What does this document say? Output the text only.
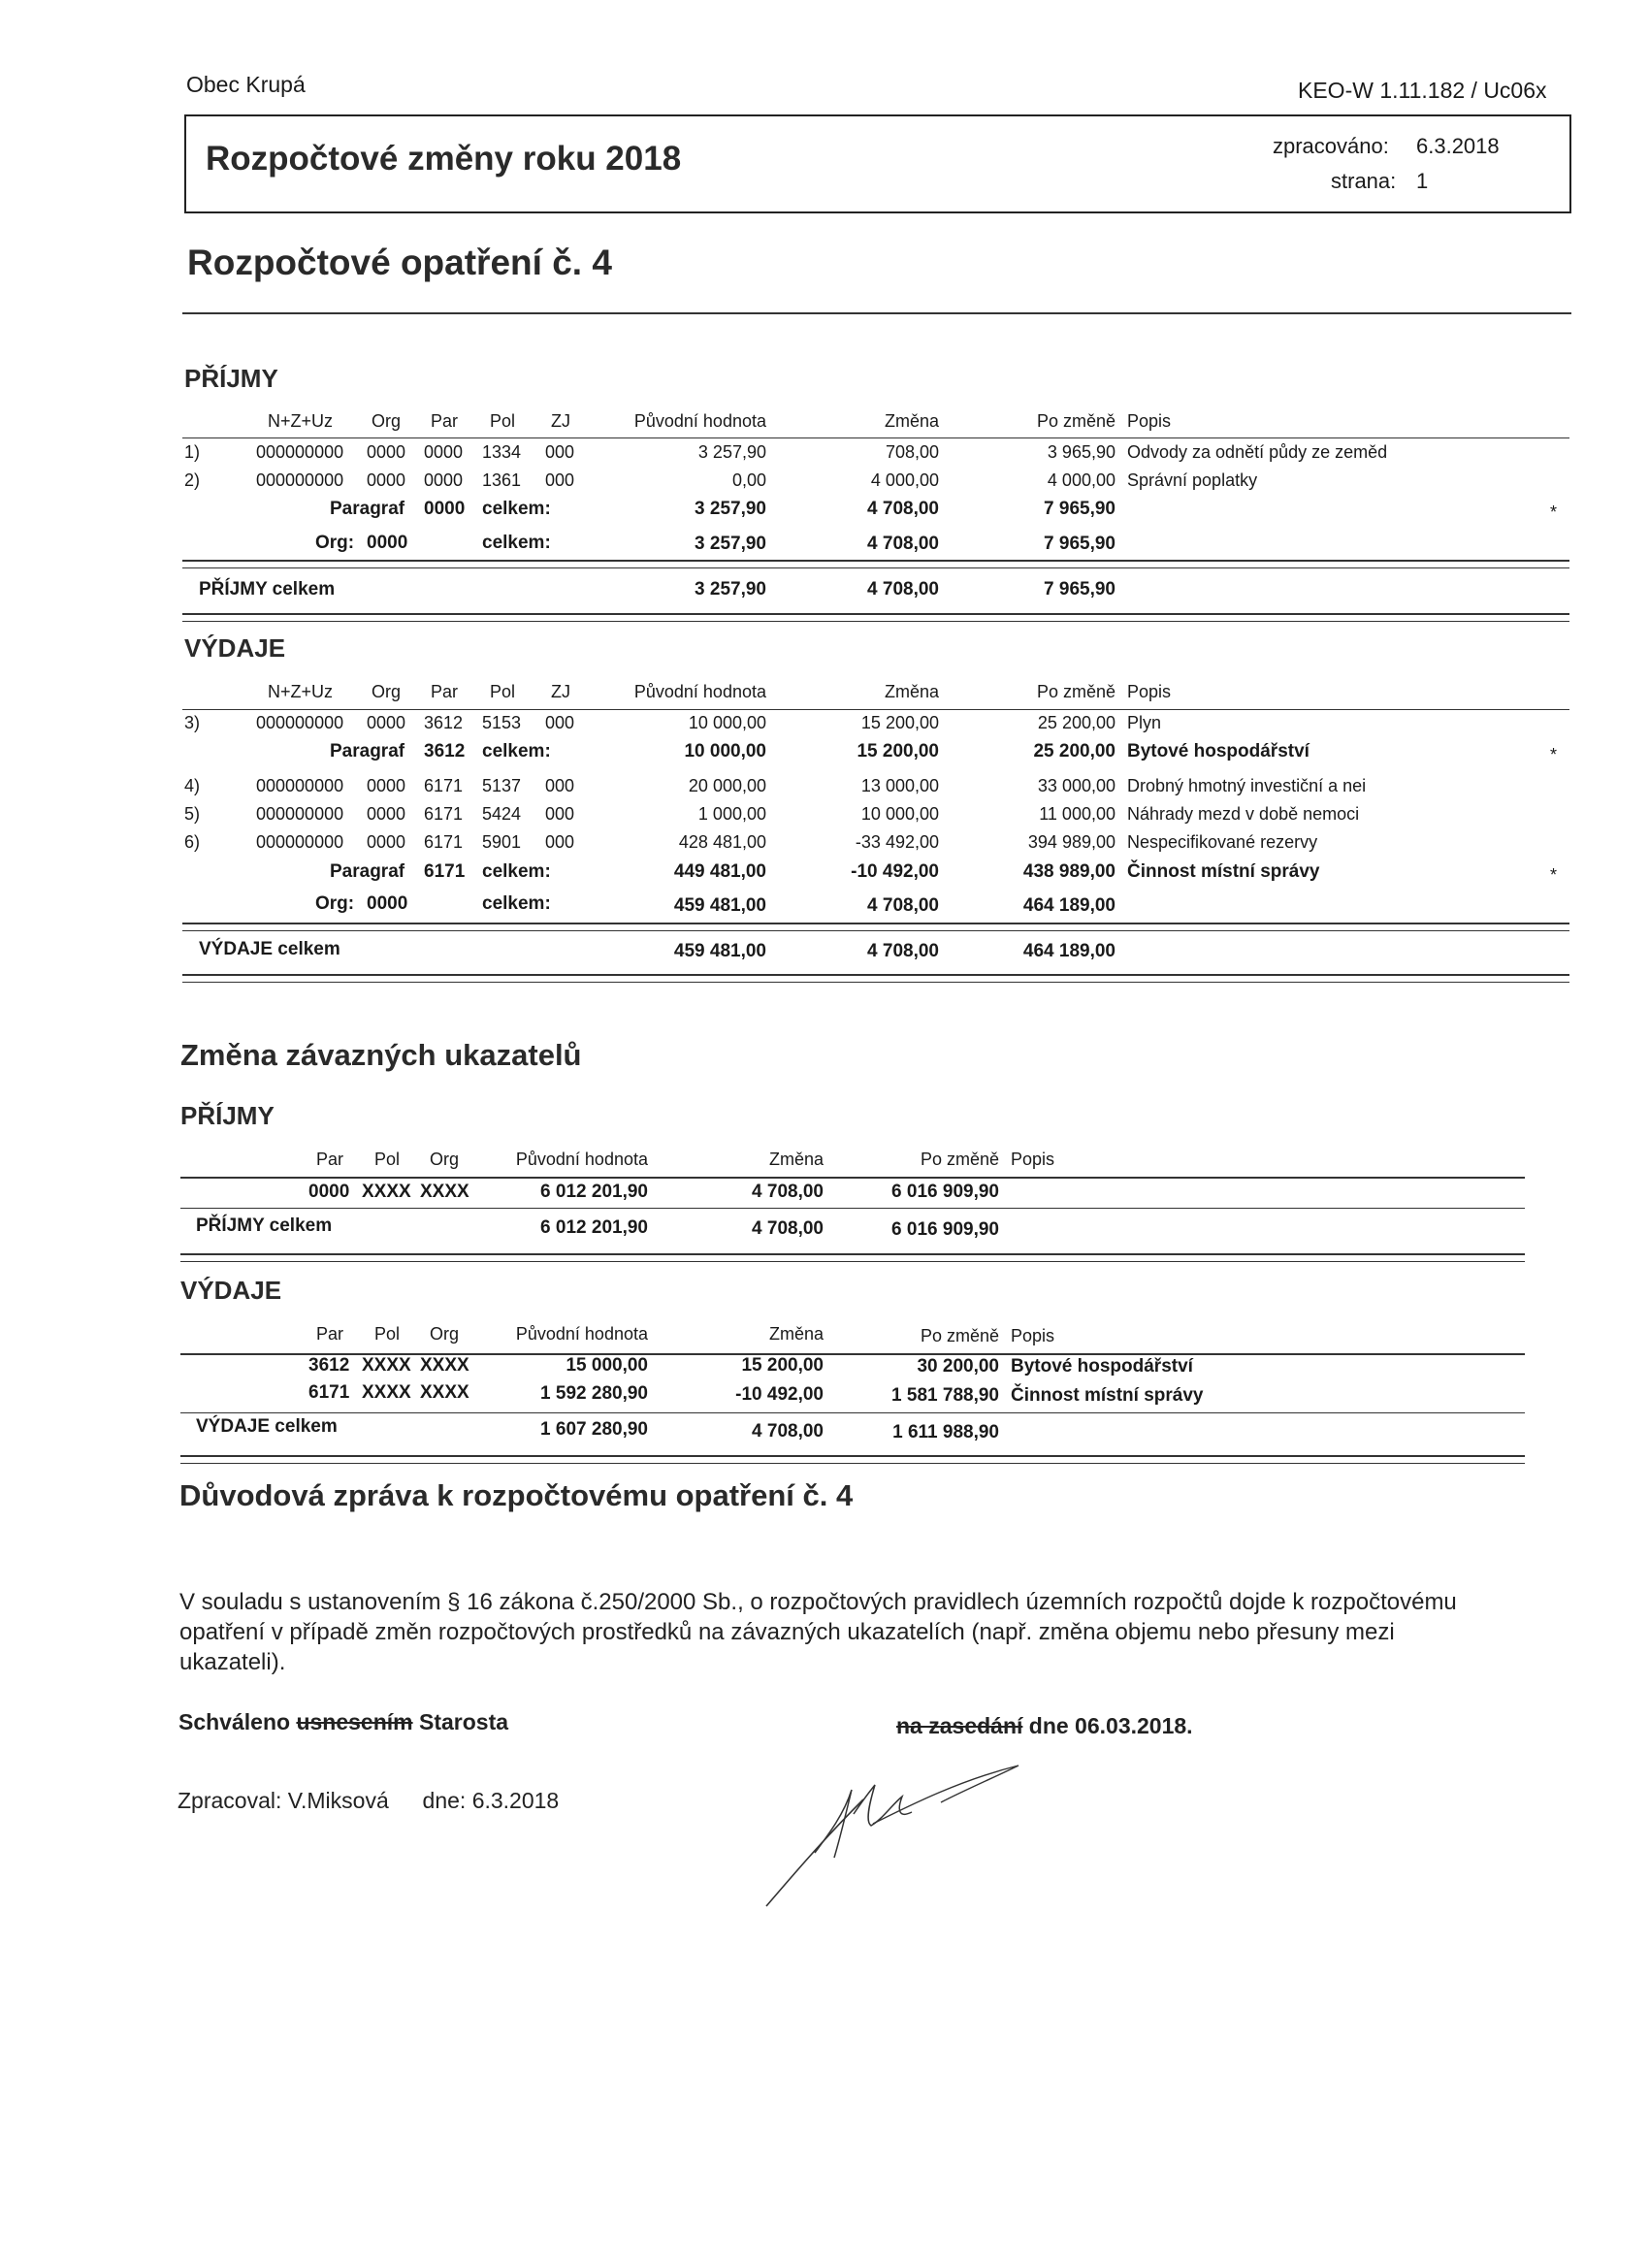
Obec Krupá	KEO-W 1.11.182 / Uc06x
Rozpočtové změny roku 2018	zpracováno: 6.3.2018
strana: 1
Rozpočtové opatření č. 4
PŘÍJMY
N+Z+Uz Org Par Pol ZJ	Původní hodnota	Změna	Po změně Popis
1)	000000000 0000 0000 1334 000	3 257,90	708,00	3 965,90 Odvody za odnětí půdy ze zeměd
2)	000000000 0000 0000 1361 000	0,00	4 000,00	4 000,00 Správní poplatky
Paragraf 0000 celkem:	3 257,90	4 708,00	7 965,90	*
Org: 0000	celkem:	3 257,90	4 708,00	7 965,90
PŘÍJMY celkem	3 257,90	4 708,00	7 965,90
VÝDAJE
N+Z+Uz Org Par Pol ZJ	Původní hodnota	Změna	Po změně Popis
3)	000000000 0000 3612 5153 000	10 000,00	15 200,00	25 200,00 Plyn
Paragraf 3612 celkem:	10 000,00	15 200,00	25 200,00 Bytové hospodářství	*
4)	000000000 0000 6171 5137 000	20 000,00	13 000,00	33 000,00 Drobný hmotný investiční a nei
5)	000000000 0000 6171 5424 000	1 000,00	10 000,00	11 000,00 Náhrady mezd v době nemoci
6)	000000000 0000 6171 5901 000	428 481,00	-33 492,00	394 989,00 Nespecifikované rezervy
Paragraf 6171 celkem:	449 481,00	-10 492,00	438 989,00 Činnost místní správy	*
Org: 0000	celkem:	459 481,00	4 708,00	464 189,00
VÝDAJE celkem	459 481,00	4 708,00	464 189,00
Změna závazných ukazatelů
PŘÍJMY
Par Pol Org	Původní hodnota	Změna	Po změně Popis
0000 XXXX XXXX	6 012 201,90	4 708,00	6 016 909,90
PŘÍJMY celkem	6 012 201,90	4 708,00	6 016 909,90
VÝDAJE
Par Pol Org	Původní hodnota	Změna	Po změně Popis
3612 XXXX XXXX	15 000,00	15 200,00	30 200,00 Bytové hospodářství
6171 XXXX XXXX	1 592 280,90	-10 492,00	1 581 788,90 Činnost místní správy
VÝDAJE celkem	1 607 280,90	4 708,00	1 611 988,90
Důvodová zpráva k rozpočtovému opatření č. 4
V souladu s ustanovením § 16 zákona č.250/2000 Sb., o rozpočtových pravidlech územních rozpočtů dojde k rozpočtovému
opatření v případě změn rozpočtových prostředků na závazných ukazatelích (např. změna objemu nebo přesuny mezi
ukazateli).
Schváleno usnesením Starosta	na zasedání dne 06.03.2018.
Zpracoval: V.Miksová dne: 6.3.2018
